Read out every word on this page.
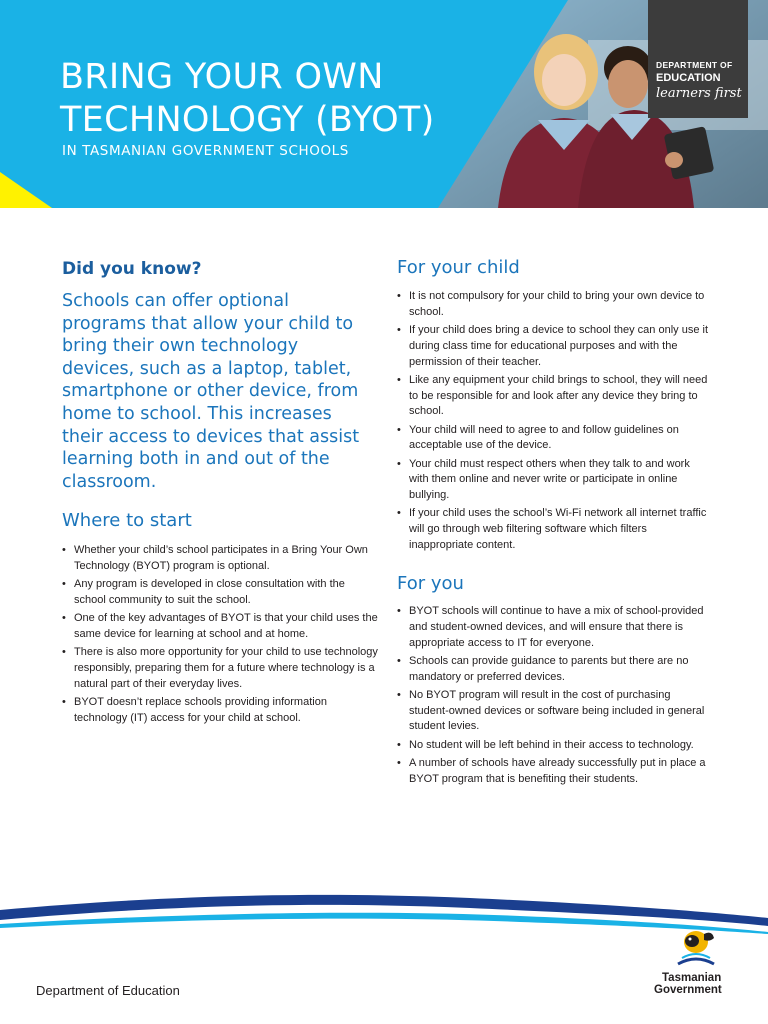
DEPARTMENT OF
EDUCATION
learners first
BRING YOUR OWN
TECHNOLOGY (BYOT)
IN TASMANIAN GOVERNMENT SCHOOLS
Did you know?
Schools can offer optional programs that allow your child to bring their own technology devices, such as a laptop, tablet, smartphone or other device, from home to school. This increases their access to devices that assist learning both in and out of the classroom.
Where to start
• Whether your child’s school participates in a Bring Your Own Technology (BYOT) program is optional.
• Any program is developed in close consultation with the school community to suit the school.
• One of the key advantages of BYOT is that your child uses the same device for learning at school and at home.
• There is also more opportunity for your child to use technology responsibly, preparing them for a future where technology is a natural part of their everyday lives.
• BYOT doesn’t replace schools providing information technology (IT) access for your child at school.
For your child
• It is not compulsory for your child to bring your own device to school.
• If your child does bring a device to school they can only use it during class time for educational purposes and with the permission of their teacher.
• Like any equipment your child brings to school, they will need to be responsible for and look after any device they bring to school.
• Your child will need to agree to and follow guidelines on acceptable use of the device.
• Your child must respect others when they talk to and work with them online and never write or participate in online bullying.
• If your child uses the school’s Wi-Fi network all internet traffic will go through web filtering software which filters inappropriate content.
For you
• BYOT schools will continue to have a mix of school-provided and student-owned devices, and will ensure that there is appropriate access to IT for everyone.
• Schools can provide guidance to parents but there are no mandatory or preferred devices.
• No BYOT program will result in the cost of purchasing student-owned devices or software being included in general student levies.
• No student will be left behind in their access to technology.
• A number of schools have already successfully put in place a BYOT program that is benefiting their students.
Department of Education
Tasmanian
Government
